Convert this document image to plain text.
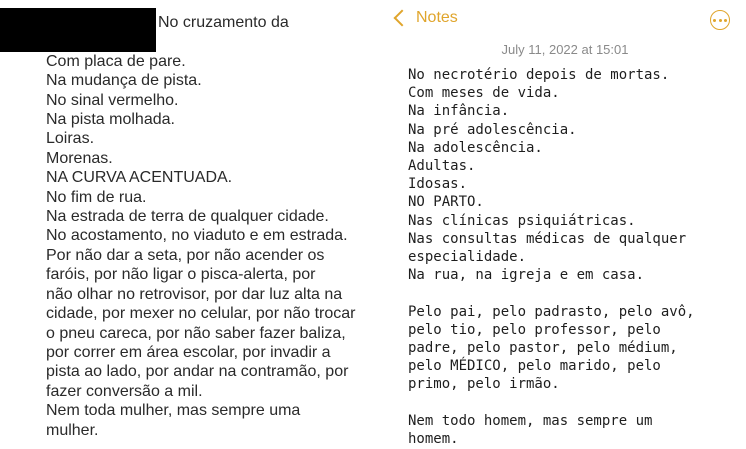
No cruzamento da
Com placa de pare.
Na mudança de pista.
No sinal vermelho.
Na pista molhada.
Loiras.
Morenas.
NA CURVA ACENTUADA.
No fim de rua.
Na estrada de terra de qualquer cidade.
No acostamento, no viaduto e em estrada.
Por não dar a seta, por não acender os
faróis, por não ligar o pisca-alerta, por
não olhar no retrovisor, por dar luz alta na
cidade, por mexer no celular, por não trocar
o pneu careca, por não saber fazer baliza,
por correr em área escolar, por invadir a
pista ao lado, por andar na contramão, por
fazer conversão a mil.
Nem toda mulher, mas sempre uma
mulher.
Notes
July 11, 2022 at 15:01
No necrotério depois de mortas.
Com meses de vida.
Na infância.
Na pré adolescência.
Na adolescência.
Adultas.
Idosas.
NO PARTO.
Nas clínicas psiquiátricas.
Nas consultas médicas de qualquer
especialidade.
Na rua, na igreja e em casa.
Pelo pai, pelo padrasto, pelo avô,
pelo tio, pelo professor, pelo
padre, pelo pastor, pelo médium,
pelo MÉDICO, pelo marido, pelo
primo, pelo irmão.
Nem todo homem, mas sempre um
homem.
